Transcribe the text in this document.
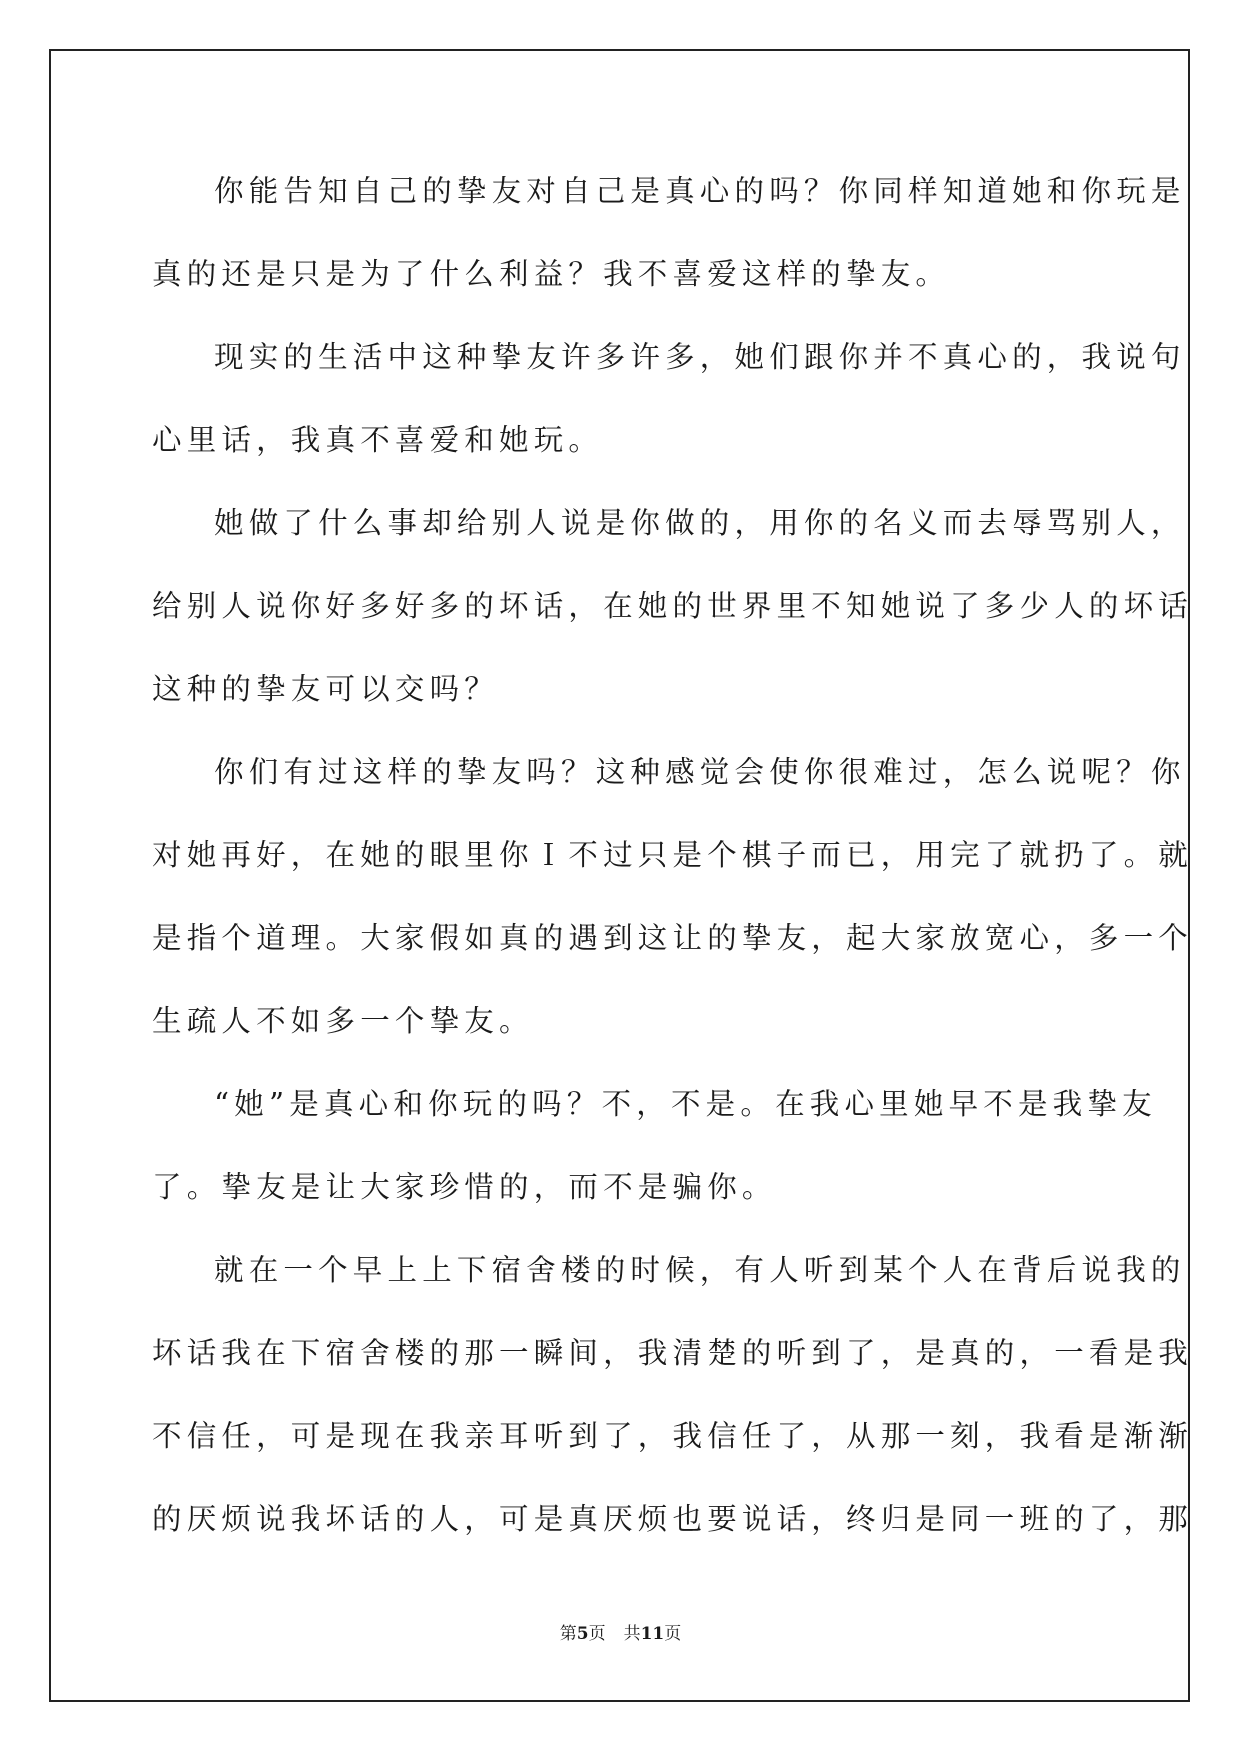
你能告知自己的挚友对自己是真心的吗？你同样知道她和你玩是
真的还是只是为了什么利益？我不喜爱这样的挚友。
现实的生活中这种挚友许多许多，她们跟你并不真心的，我说句
心里话，我真不喜爱和她玩。
她做了什么事却给别人说是你做的，用你的名义而去辱骂别人，
给别人说你好多好多的坏话，在她的世界里不知她说了多少人的坏话
这种的挚友可以交吗？
你们有过这样的挚友吗？这种感觉会使你很难过，怎么说呢？你
对她再好，在她的眼里你Ｉ不过只是个棋子而已，用完了就扔了。就
是指个道理。大家假如真的遇到这让的挚友，起大家放宽心，多一个
生疏人不如多一个挚友。
“她”是真心和你玩的吗？不，不是。在我心里她早不是我挚友
了。挚友是让大家珍惜的，而不是骗你。
就在一个早上上下宿舍楼的时候，有人听到某个人在背后说我的
坏话我在下宿舍楼的那一瞬间，我清楚的听到了，是真的，一看是我
不信任，可是现在我亲耳听到了，我信任了，从那一刻，我看是渐渐
的厌烦说我坏话的人，可是真厌烦也要说话，终归是同一班的了，那
第5页 共11页
